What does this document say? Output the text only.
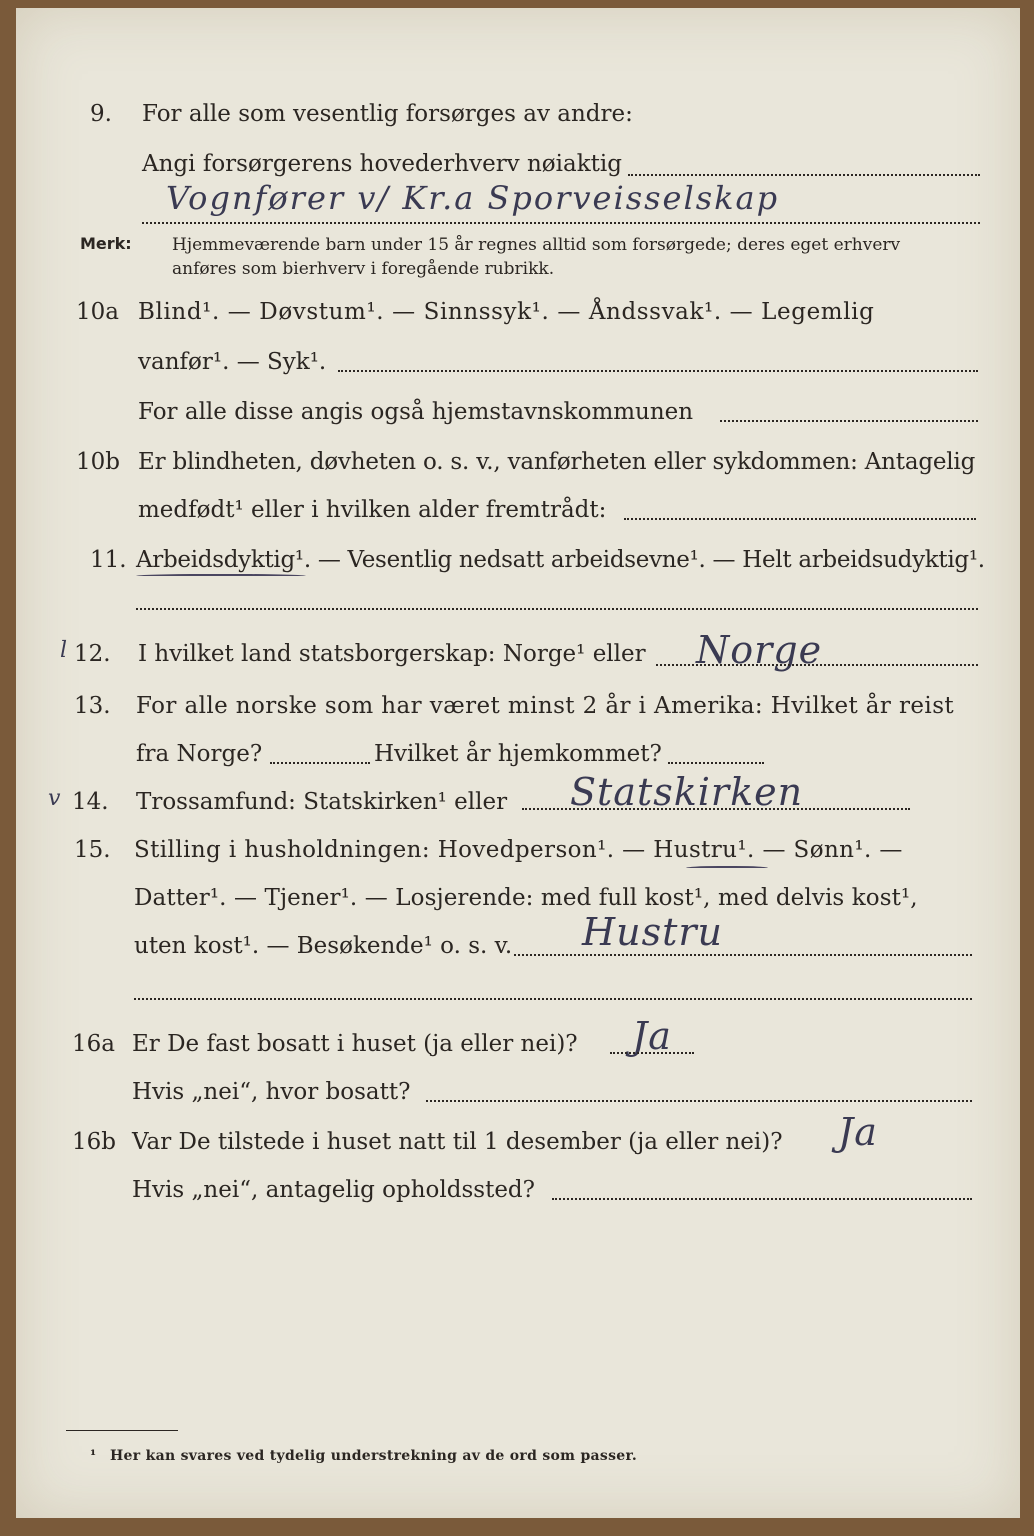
9. For alle som vesentlig forsørges av andre:
Angi forsørgerens hovederhverv nøiaktig
Vognfører v/ Kr.a Sporveisselskap
Merk: Hjemmeværende barn under 15 år regnes alltid som forsørgede; deres eget erhverv
anføres som bierhverv i foregående rubrikk.
10a Blind¹. — Døvstum¹. — Sinnssyk¹. — Åndssvak¹. — Legemlig
vanfør¹. — Syk¹.
For alle disse angis også hjemstavnskommunen
10b Er blindheten, døvheten o. s. v., vanførheten eller sykdommen: Antagelig
medfødt¹ eller i hvilken alder fremtrådt:
11. Arbeidsdyktig¹. — Vesentlig nedsatt arbeidsevne¹. — Helt arbeidsudyktig¹.
l 12. I hvilket land statsborgerskap: Norge¹ eller Norge
13. For alle norske som har været minst 2 år i Amerika: Hvilket år reist
fra Norge?	Hvilket år hjemkommet?
v 14. Trossamfund: Statskirken¹ eller Statskirken
15. Stilling i husholdningen: Hovedperson¹. — Hustru¹. — Sønn¹. —
Datter¹. — Tjener¹. — Losjerende: med full kost¹, med delvis kost¹,
uten kost¹. — Besøkende¹ o. s. v. Hustru
16a Er De fast bosatt i huset (ja eller nei)? Ja
Hvis „nei“, hvor bosatt?
16b Var De tilstede i huset natt til 1 desember (ja eller nei)? Ja
Hvis „nei“, antagelig opholdssted?
¹ Her kan svares ved tydelig understrekning av de ord som passer.
